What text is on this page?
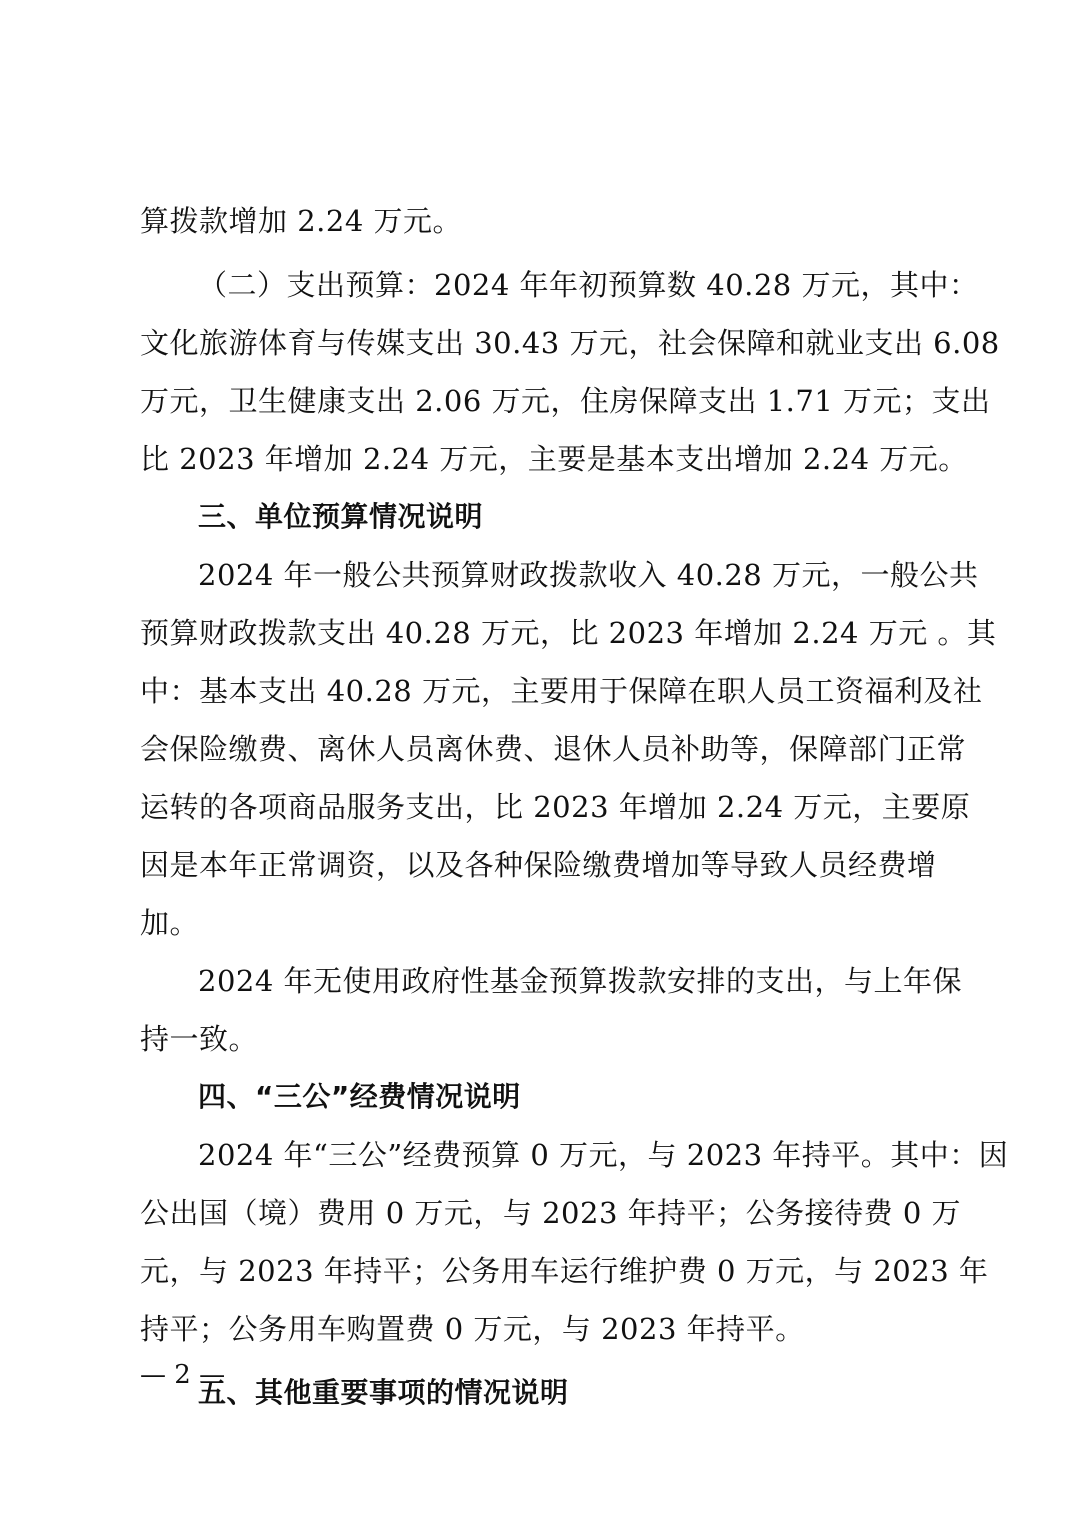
算拨款增加 2.24 万元。
（二）支出预算：2024 年年初预算数 40.28 万元，其中：
文化旅游体育与传媒支出 30.43 万元，社会保障和就业支出 6.08
万元，卫生健康支出 2.06 万元，住房保障支出 1.71 万元；支出
比 2023 年增加 2.24 万元，主要是基本支出增加 2.24 万元。
三、单位预算情况说明
2024 年一般公共预算财政拨款收入 40.28 万元，一般公共
预算财政拨款支出 40.28 万元，比 2023 年增加 2.24 万元 。其
中：基本支出 40.28 万元，主要用于保障在职人员工资福利及社
会保险缴费、离休人员离休费、退休人员补助等，保障部门正常
运转的各项商品服务支出，比 2023 年增加 2.24 万元，主要原
因是本年正常调资，以及各种保险缴费增加等导致人员经费增
加。
2024 年无使用政府性基金预算拨款安排的支出，与上年保
持一致。
四、“三公”经费情况说明
2024 年“三公”经费预算 0 万元，与 2023 年持平。其中：因
公出国（境）费用 0 万元，与 2023 年持平；公务接待费 0 万
元，与 2023 年持平；公务用车运行维护费 0 万元，与 2023 年
持平；公务用车购置费 0 万元，与 2023 年持平。
五、其他重要事项的情况说明
— 2 —
